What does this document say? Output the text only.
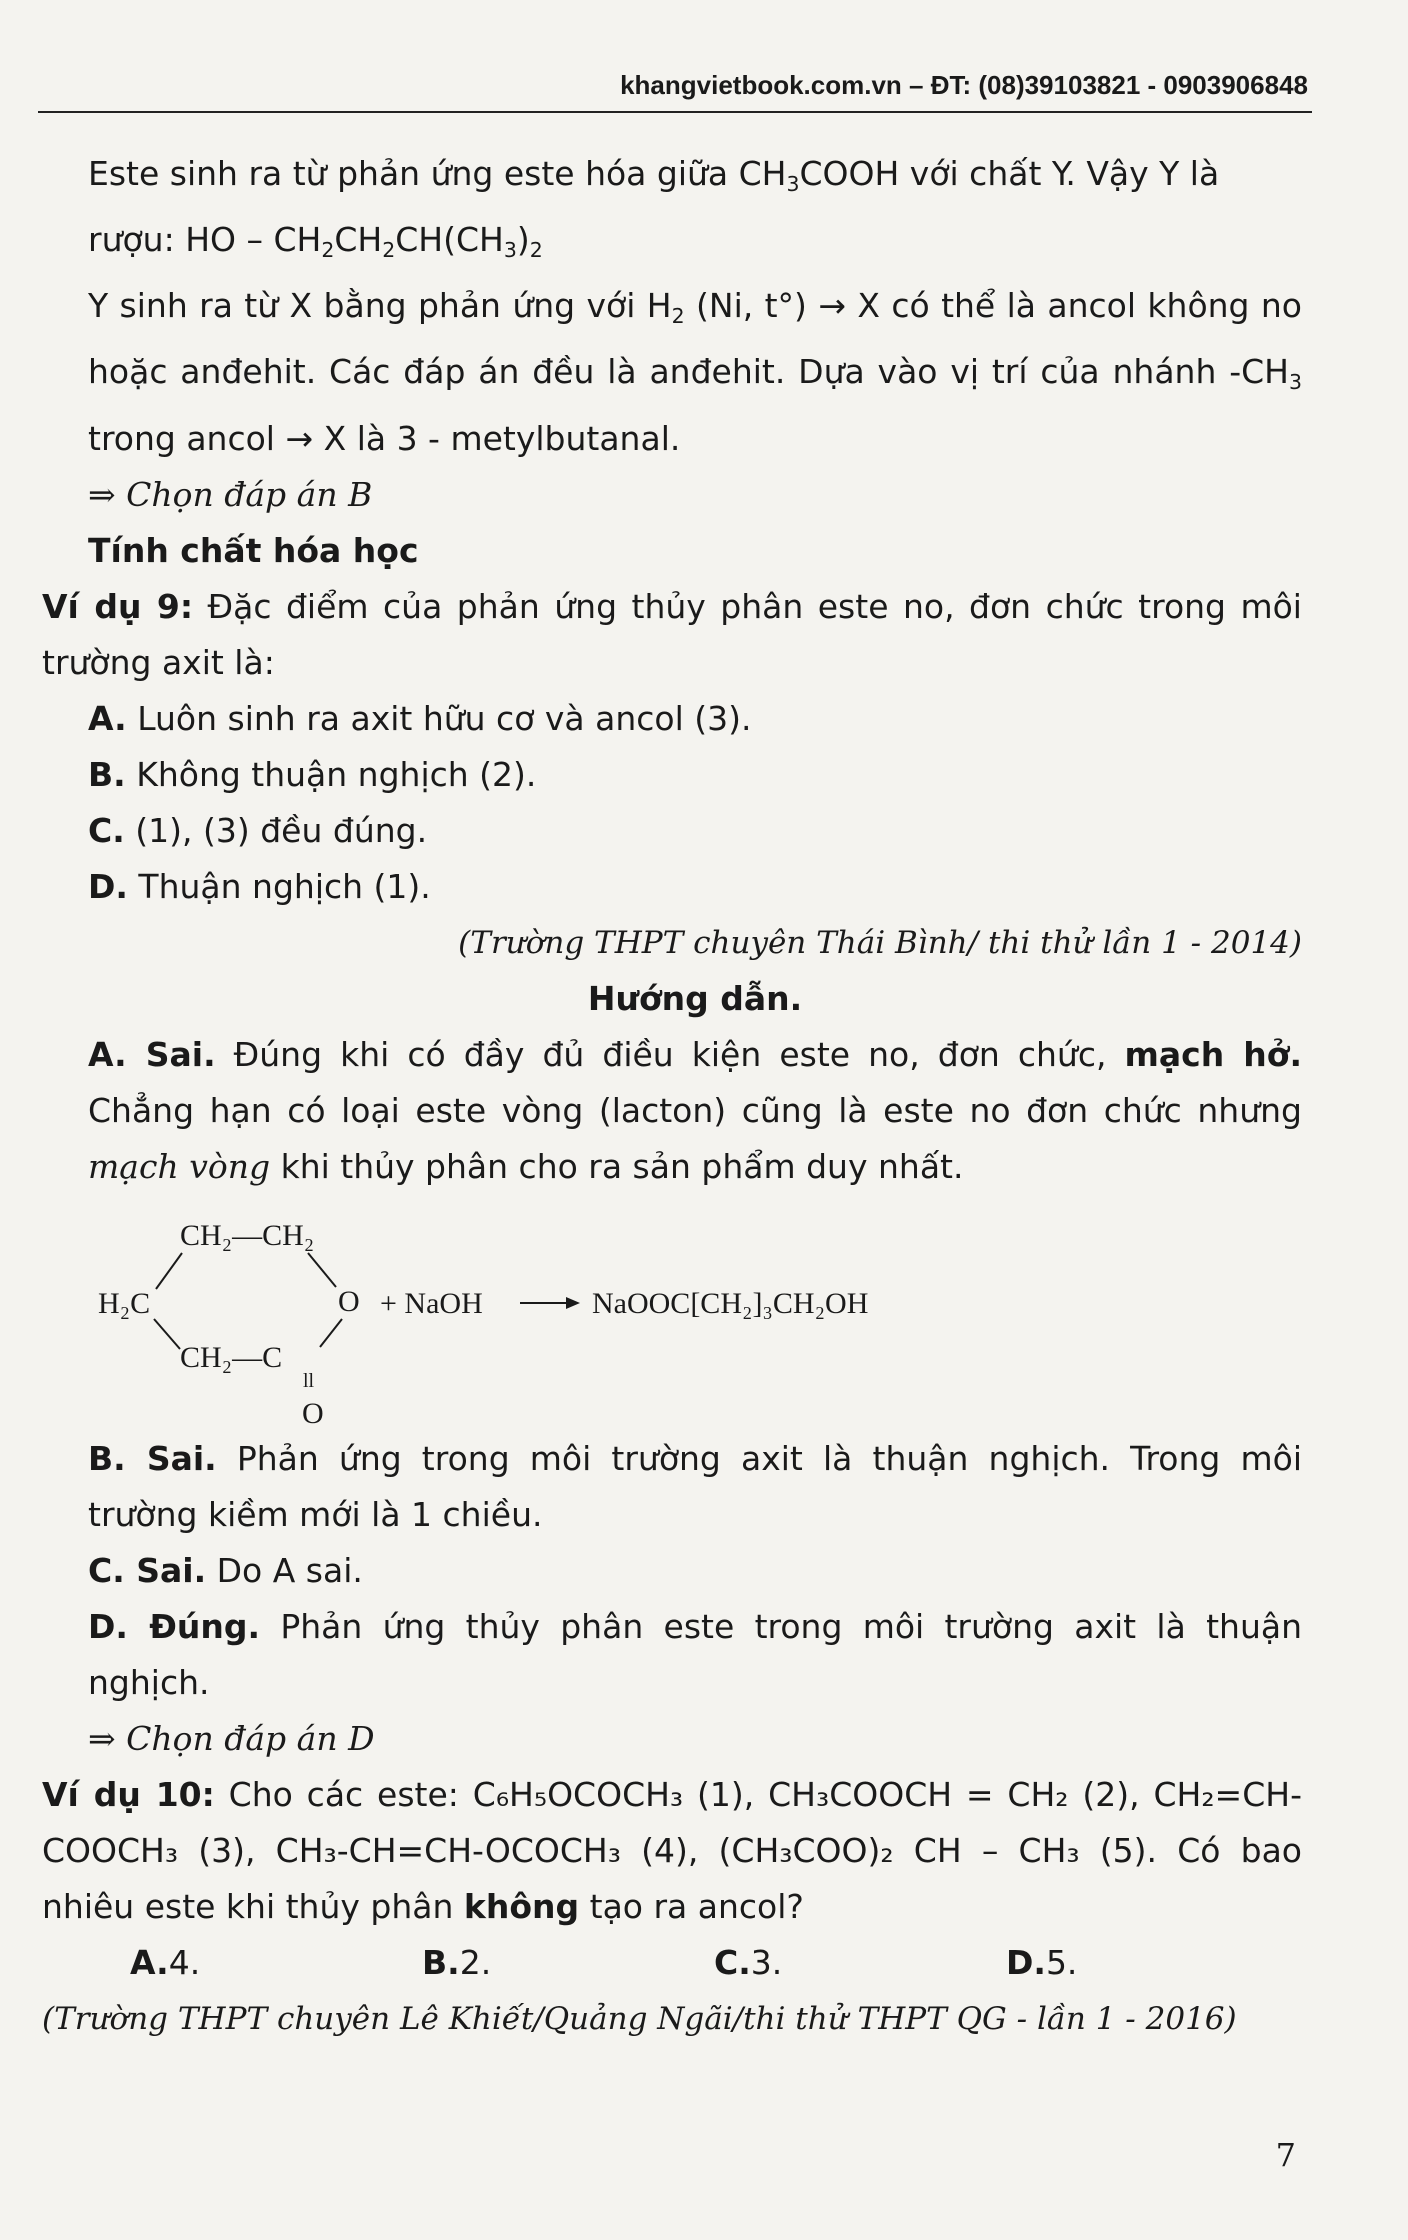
khangvietbook.com.vn – ĐT: (08)39103821 - 0903906848

Este sinh ra từ phản ứng este hóa giữa $CH_3COOH$ với chất Y. Vậy Y là
rượu: HO – $CH_2CH_2CH(CH_3)_2$

Y sinh ra từ X bằng phản ứng với $H_2$ (Ni, t°) → X có thể là ancol không no hoặc anđehit. Các đáp án đều là anđehit. Dựa vào vị trí của nhánh $-CH_3$ trong ancol → X là 3 - metylbutanal.

⇒ Chọn đáp án B

Tính chất hóa học

Ví dụ 9: Đặc điểm của phản ứng thủy phân este no, đơn chức trong môi trường axit là:

A. Luôn sinh ra axit hữu cơ và ancol (3).

B. Không thuận nghịch (2).

C. (1), (3) đều đúng.

D. Thuận nghịch (1).

(Trường THPT chuyên Thái Bình/ thi thử lần 1 - 2014)

Hướng dẫn.

A. Sai. Đúng khi có đầy đủ điều kiện este no, đơn chức, mạch hở. Chẳng hạn có loại este vòng (lacton) cũng là este no đơn chức nhưng mạch vòng khi thủy phân cho ra sản phẩm duy nhất.

CH₂—CH₂
H₂C	O
CH₂—C
ll
O
+ NaOH	NaOOC[CH₂]₃CH₂OH

B. Sai. Phản ứng trong môi trường axit là thuận nghịch. Trong môi trường kiềm mới là 1 chiều.

C. Sai. Do A sai.

D. Đúng. Phản ứng thủy phân este trong môi trường axit là thuận nghịch.

⇒ Chọn đáp án D

Ví dụ 10: Cho các este: C₆H₅OCOCH₃ (1), CH₃COOCH = CH₂ (2), CH₂=CH-COOCH₃ (3), CH₃-CH=CH-OCOCH₃ (4), (CH₃COO)₂ CH – CH₃ (5). Có bao nhiêu este khi thủy phân không tạo ra ancol?

A.4.	B.2.	C.3.	D.5.

(Trường THPT chuyên Lê Khiết/Quảng Ngãi/thi thử THPT QG - lần 1 - 2016)

7
